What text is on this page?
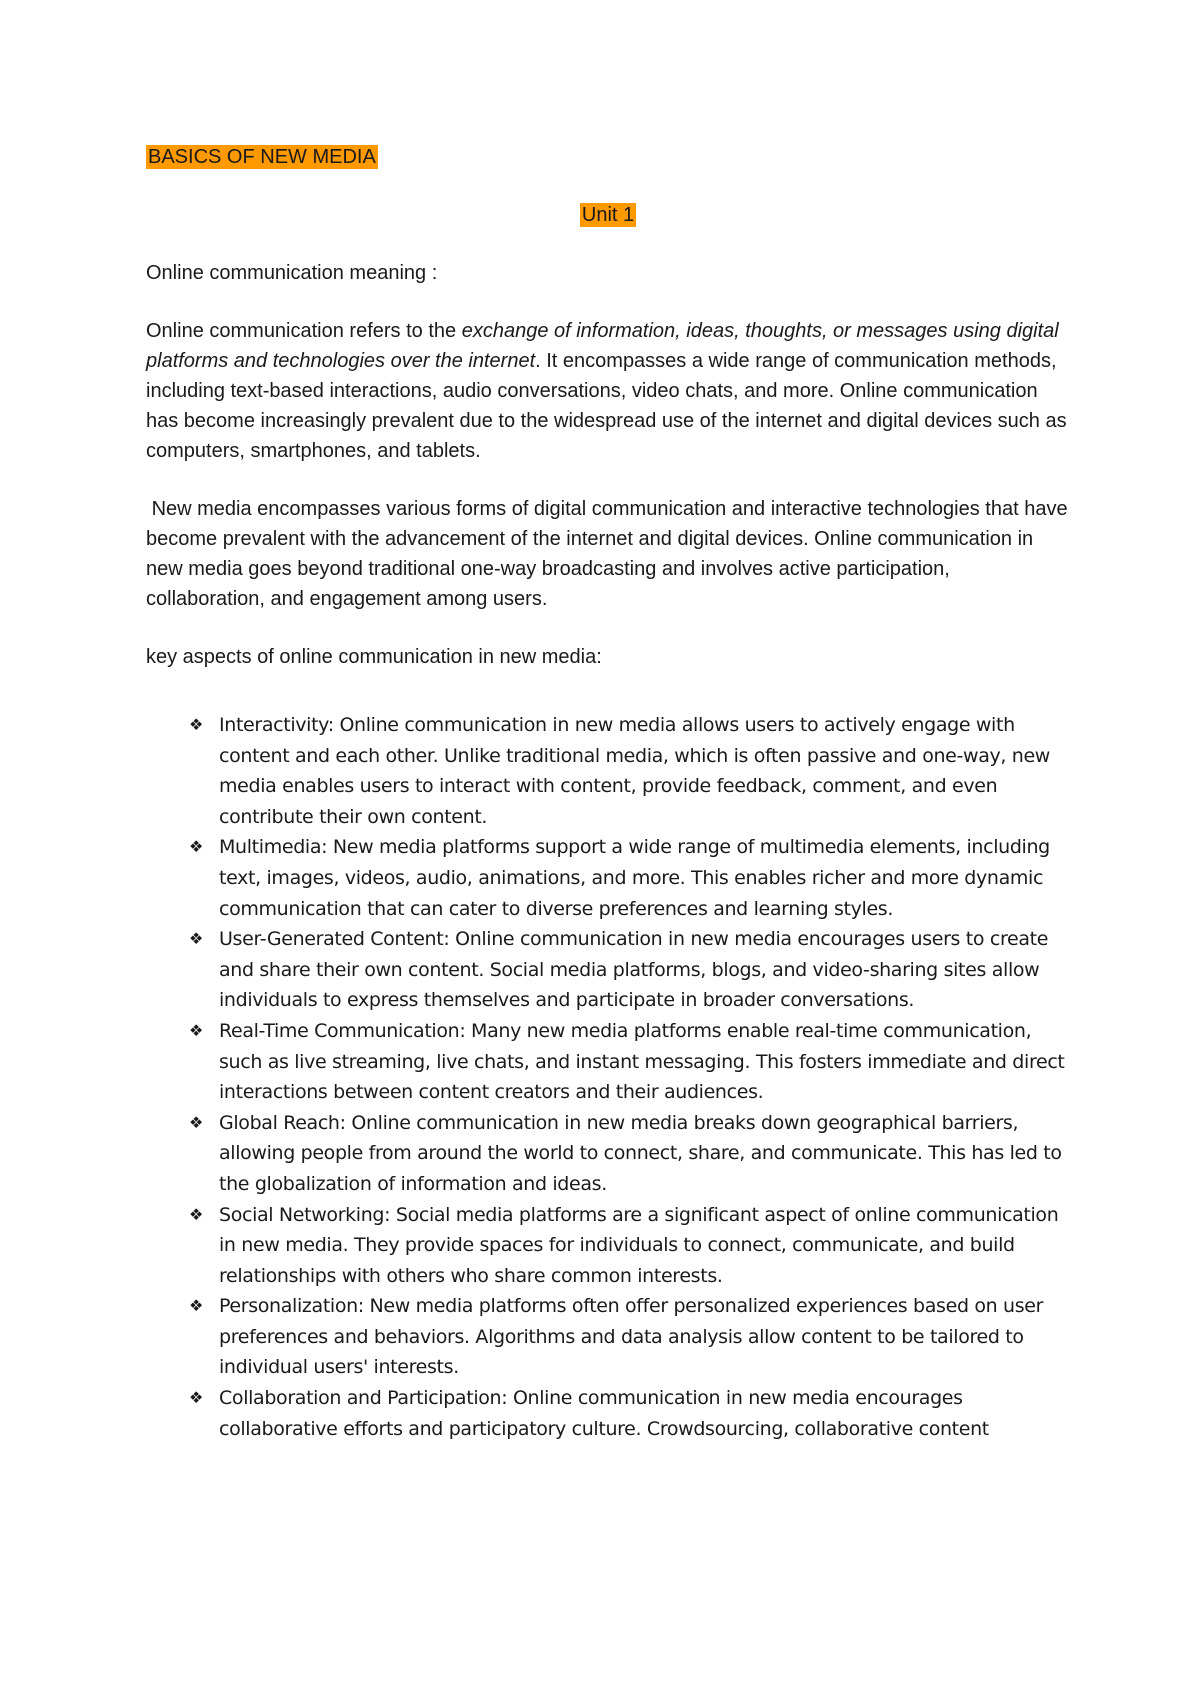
BASICS OF NEW MEDIA

Unit 1

Online communication meaning :

Online communication refers to the exchange of information, ideas, thoughts, or messages using digital platforms and technologies over the internet. It encompasses a wide range of communication methods, including text-based interactions, audio conversations, video chats, and more. Online communication has become increasingly prevalent due to the widespread use of the internet and digital devices such as computers, smartphones, and tablets.

New media encompasses various forms of digital communication and interactive technologies that have become prevalent with the advancement of the internet and digital devices. Online communication in new media goes beyond traditional one-way broadcasting and involves active participation, collaboration, and engagement among users.

key aspects of online communication in new media:

❖ Interactivity: Online communication in new media allows users to actively engage with content and each other. Unlike traditional media, which is often passive and one-way, new media enables users to interact with content, provide feedback, comment, and even contribute their own content.
❖ Multimedia: New media platforms support a wide range of multimedia elements, including text, images, videos, audio, animations, and more. This enables richer and more dynamic communication that can cater to diverse preferences and learning styles.
❖ User-Generated Content: Online communication in new media encourages users to create and share their own content. Social media platforms, blogs, and video-sharing sites allow individuals to express themselves and participate in broader conversations.
❖ Real-Time Communication: Many new media platforms enable real-time communication, such as live streaming, live chats, and instant messaging. This fosters immediate and direct interactions between content creators and their audiences.
❖ Global Reach: Online communication in new media breaks down geographical barriers, allowing people from around the world to connect, share, and communicate. This has led to the globalization of information and ideas.
❖ Social Networking: Social media platforms are a significant aspect of online communication in new media. They provide spaces for individuals to connect, communicate, and build relationships with others who share common interests.
❖ Personalization: New media platforms often offer personalized experiences based on user preferences and behaviors. Algorithms and data analysis allow content to be tailored to individual users' interests.
❖ Collaboration and Participation: Online communication in new media encourages collaborative efforts and participatory culture. Crowdsourcing, collaborative content
